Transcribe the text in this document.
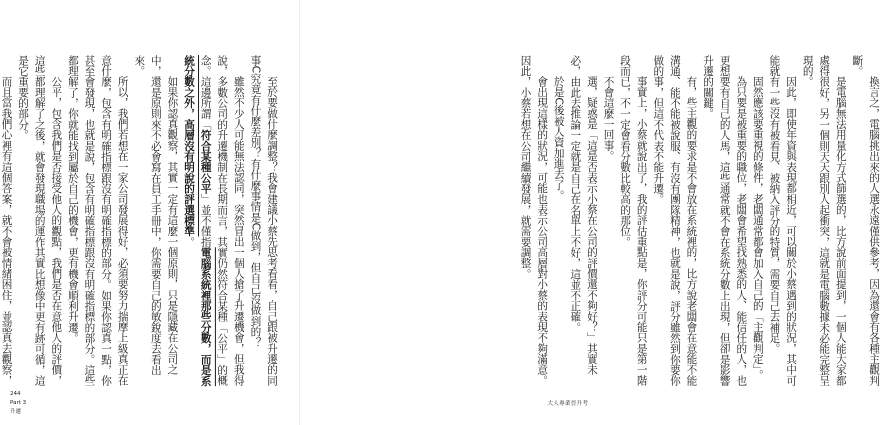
至於要做什麼調整？我會建議小蔡先思考看看，自己跟被升遷的同事C究竟有什麼差別？有什麼事情是C做到，但自己沒做到的？

雖然不少人可能無法認同，突然冒出一個人搶了升遷機會，但我得說，多數公司的升遷機制在長期而言，其實仍然符合某種「公平」的概念。這邊所謂「符合某種公平」並不僅指電腦系統裡那些分數，而是系統分數之外，高層沒有明說的評選標準。

如果你認真觀察，其實一定有這麼一個原則，只是隱藏在公司之中，還是原則來不必會寫在員工手冊中，你需要自己的敏銳度去看出來。

所以，我們若想在一家公司發展得好，必須要努力揣摩上級真正在意什麼，包含有明確指標跟沒有明確指標的部分。如果你認真一點，你甚至會發現，也就是說，包含有明確指標跟沒有明確指標的部分。這些都理解了，你就能找到屬於自己的機會，更有機會順利升遷。

公平，包含我們是否接受他人的觀點，我們是否在意他人的評價，這些都理解了之後，就會發現職場的運作其實比想像中更有跡可循，這是它重要的部分。

而且當我們心裡有這個答案，就不會被情緒困住，並認真去觀察，

244
Part 3
升遷

換言之，電腦挑出來的人選永遠僅供參考，因為還會有各種主觀判斷。

是電腦無法用量化方式篩選的，比方說前面提到，一個人能大家都處得很好，另一個則天天跟別人起衝突，這就是電腦數據未必能完整呈現的。

因此，即使年資與表現都相近，可以關於小蔡遇到的狀況，其中可能就有一些沒有被看見、被納入評分的特質，需要自己去補足。

固然應該要重視的條件，老闆通常都會加入自己的「主觀判定」。

為只要是被重要的職位，老闆會希望找熟悉的人、能信任的人，也更想要有自己的人馬，這些通常就不會在系統分數上出現，但卻是影響升遷的關鍵。

有，些主觀的要求是不會放在系統裡的，比方說老闆會在意能不能溝通、能不能被說服、有沒有團隊精神，也就是說，評分雖然到你要你做的事，但這不代表不能升遷。

事實上，小蔡就說出了，我的評估重點是，你評分可能只是第一階段而已，不一定會看分數比較高的那位。

不會這麼一回事。

選，疑惑是「這是否表示小蔡在公司的評價還不夠好？」其實未必，由此去推論一定就是自己在名單上不好，這並不正確。

於是C後被人資加進去了。

會出現這樣的狀況，可能也表示公司高層對小蔡的表現不夠滿意。因此，小蔡若想在公司繼續發展，就需要調整。

大人專業晉升考
